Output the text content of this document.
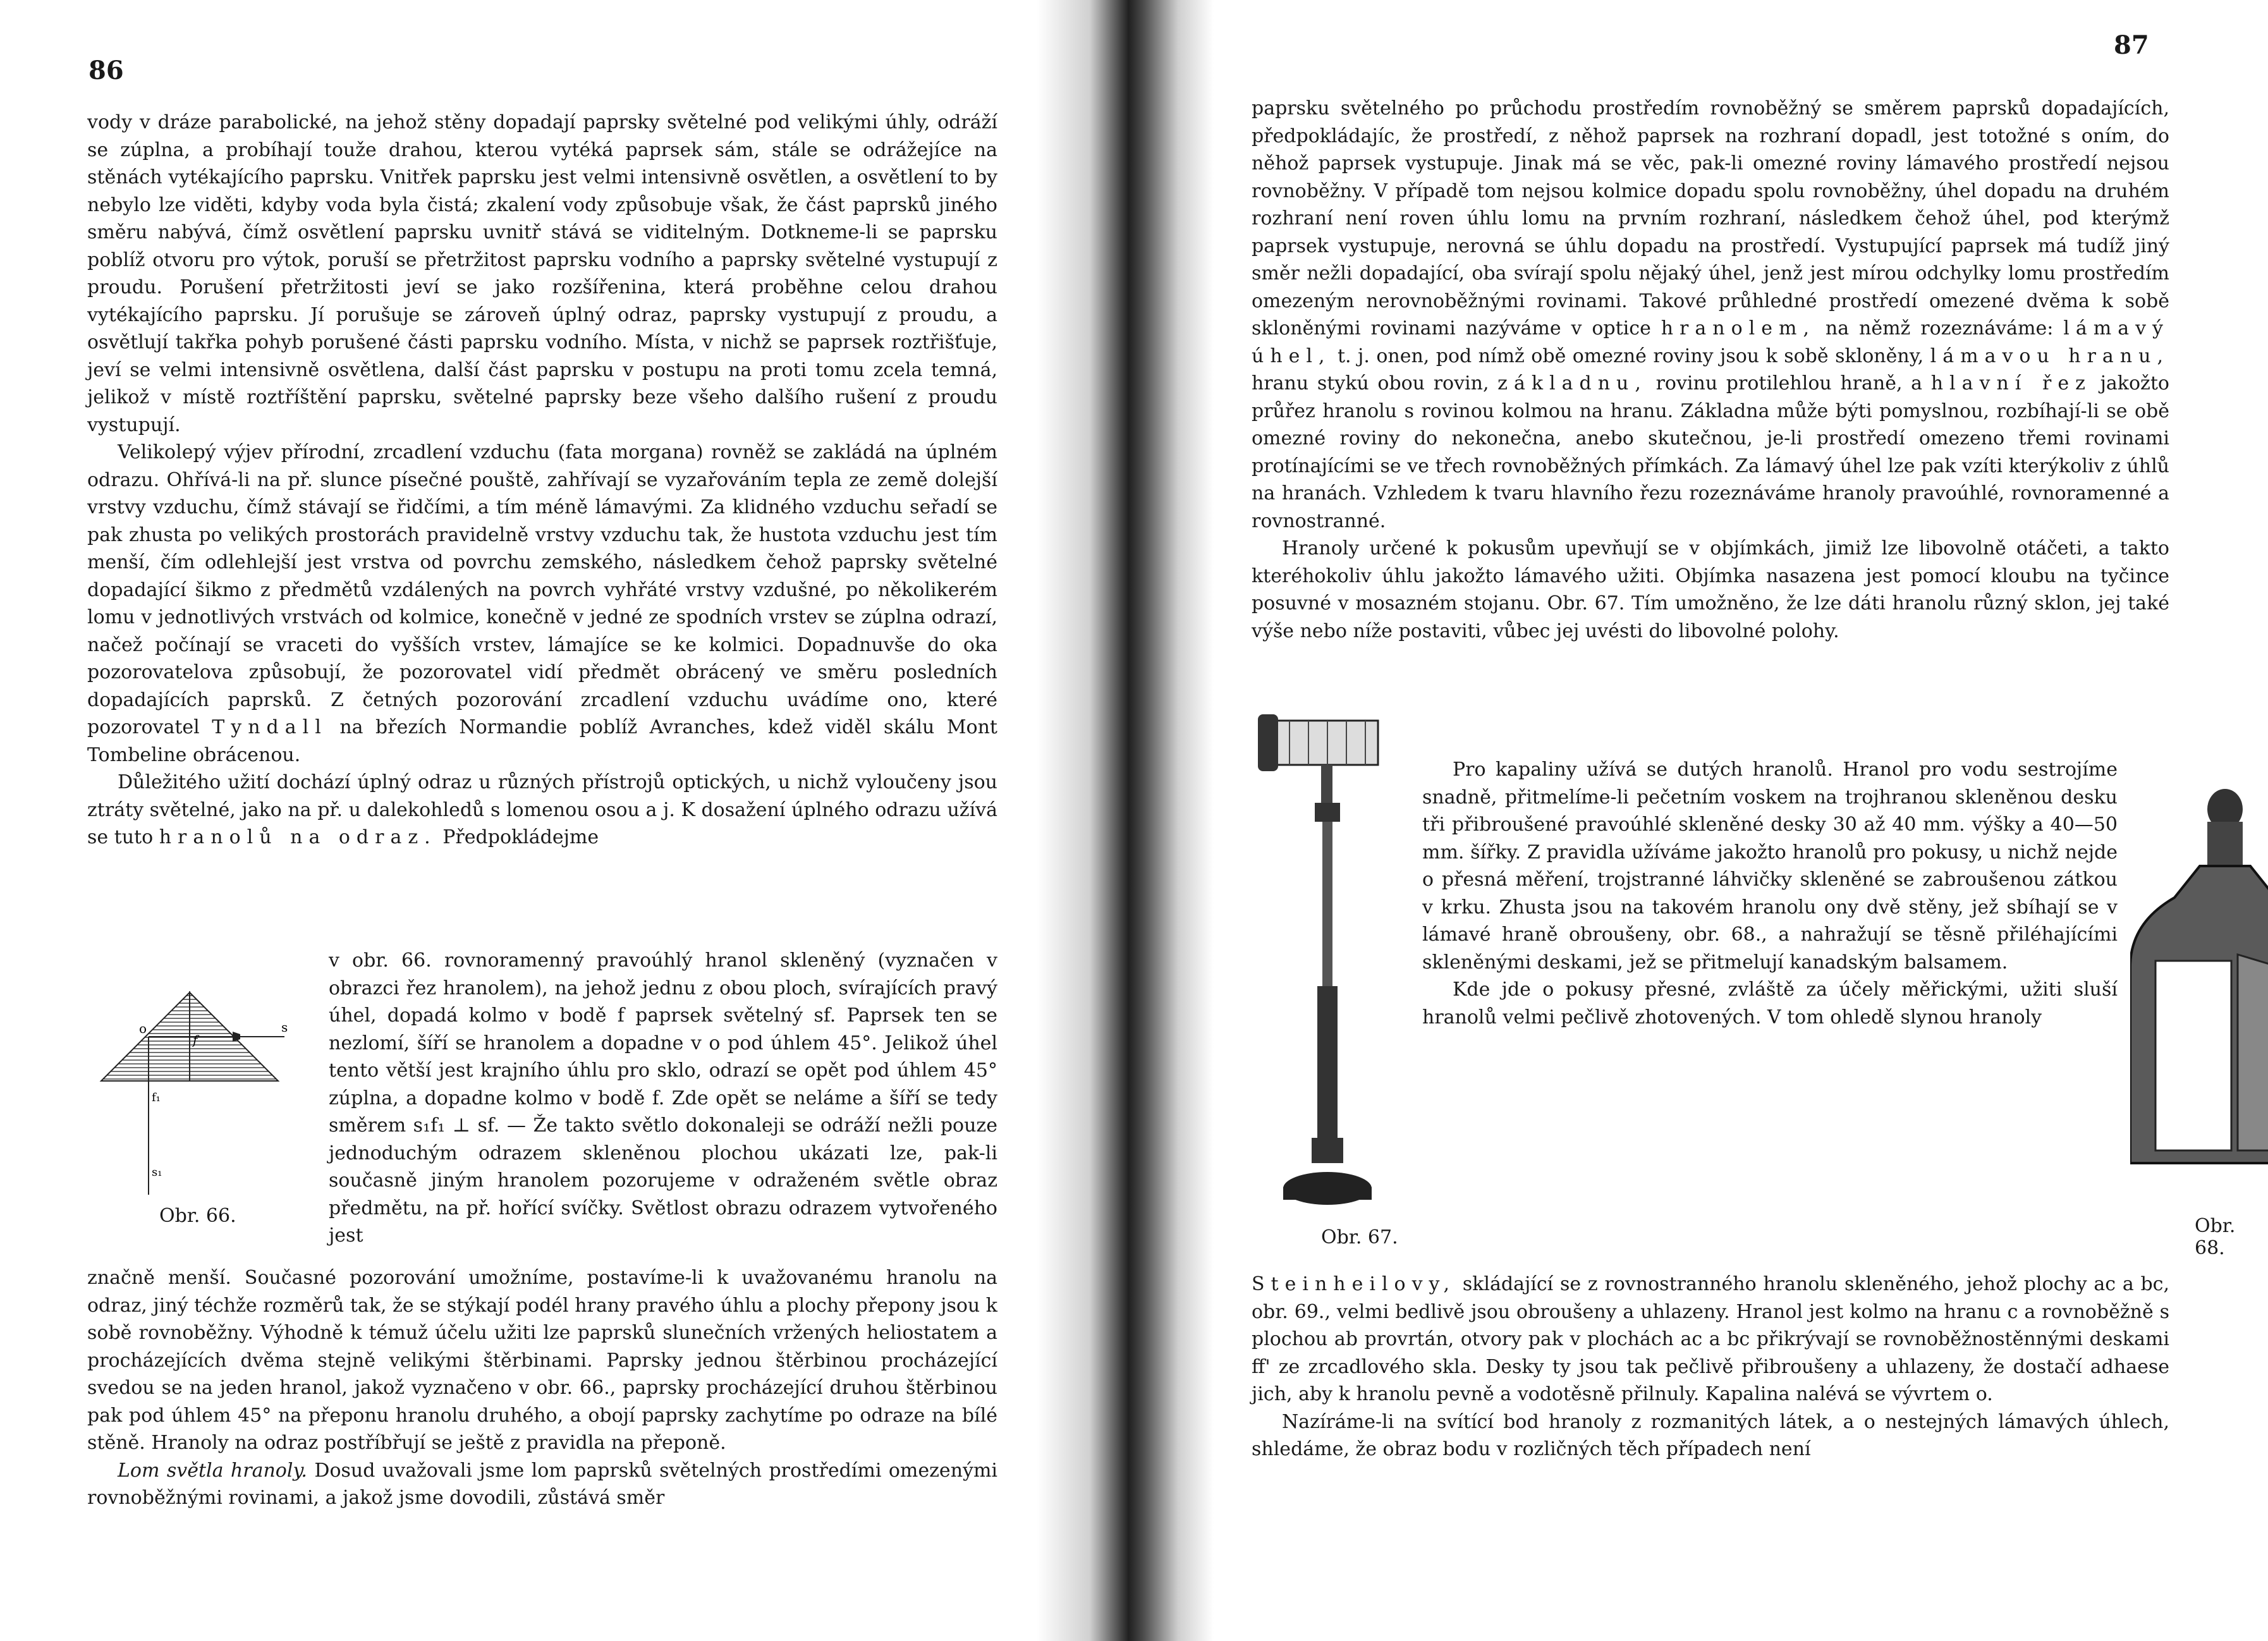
86

vody v dráze parabolické, na jehož stěny dopadají paprsky světelné pod velikými úhly, odráží se zúplna, a probíhají touže drahou, kterou vytéká paprsek sám, stále se odrážejíce na stěnách vytékajícího paprsku. Vnitřek paprsku jest velmi intensivně osvětlen, a osvětlení to by nebylo lze viděti, kdyby voda byla čistá; zkalení vody způsobuje však, že část paprsků jiného směru nabývá, čímž osvětlení paprsku uvnitř stává se viditelným. Dotkneme-li se paprsku poblíž otvoru pro výtok, poruší se přetržitost paprsku vodního a paprsky světelné vystupují z proudu. Porušení přetržitosti jeví se jako rozšířenina, která proběhne celou drahou vytékajícího paprsku. Jí porušuje se zároveň úplný odraz, paprsky vystupují z proudu, a osvětlují takřka pohyb porušené části paprsku vodního. Místa, v nichž se paprsek roztřišťuje, jeví se velmi intensivně osvětlena, další část paprsku v postupu na proti tomu zcela temná, jelikož v místě roztříštění paprsku, světelné paprsky beze všeho dalšího rušení z proudu vystupují.

Velikolepý výjev přírodní, zrcadlení vzduchu (fata morgana) rovněž se zakládá na úplném odrazu. Ohřívá-li na př. slunce písečné pouště, zahřívají se vyzařováním tepla ze země dolejší vrstvy vzduchu, čímž stávají se řidčími, a tím méně lámavými. Za klidného vzduchu seřadí se pak zhusta po velikých prostorách pravidelně vrstvy vzduchu tak, že hustota vzduchu jest tím menší, čím odlehlejší jest vrstva od povrchu zemského, následkem čehož paprsky světelné dopadající šikmo z předmětů vzdálených na povrch vyhřáté vrstvy vzdušné, po několikerém lomu v jednotlivých vrstvách od kolmice, konečně v jedné ze spodních vrstev se zúplna odrazí, načež počínají se vraceti do vyšších vrstev, lámajíce se ke kolmici. Dopadnuvše do oka pozorovatelova způsobují, že pozorovatel vidí předmět obrácený ve směru posledních dopadajících paprsků. Z četných pozorování zrcadlení vzduchu uvádíme ono, které pozorovatel Tyndall na březích Normandie poblíž Avranches, kdež viděl skálu Mont Tombeline obrácenou.

Důležitého užití dochází úplný odraz u různých přístrojů optických, u nichž vyloučeny jsou ztráty světelné, jako na př. u dalekohledů s lomenou osou a j. K dosažení úplného odrazu užívá se tuto hranolů na odraz. Předpokládejme

o
f
s
f₁
s₁
Obr. 66.

v obr. 66. rovnoramenný pravoúhlý hranol skleněný (vyznačen v obrazci řez hranolem), na jehož jednu z obou ploch, svírajících pravý úhel, dopadá kolmo v bodě f paprsek světelný sf. Paprsek ten se nezlomí, šíří se hranolem a dopadne v o pod úhlem 45°. Jelikož úhel tento větší jest krajního úhlu pro sklo, odrazí se opět pod úhlem 45° zúplna, a dopadne kolmo v bodě f. Zde opět se neláme a šíří se tedy směrem s₁f₁ ⊥ sf. — Že takto světlo dokonaleji se odráží nežli pouze jednoduchým odrazem skleněnou plochou ukázati lze, pak-li současně jiným hranolem pozorujeme v odraženém světle obraz předmětu, na př. hořící svíčky. Světlost obrazu odrazem vytvořeného jest

značně menší. Současné pozorování umožníme, postavíme-li k uvažovanému hranolu na odraz, jiný téchže rozměrů tak, že se stýkají podél hrany pravého úhlu a plochy přepony jsou k sobě rovnoběžny. Výhodně k témuž účelu užiti lze paprsků slunečních vržených heliostatem a procházejících dvěma stejně velikými štěrbinami. Paprsky jednou štěrbinou procházející svedou se na jeden hranol, jakož vyznačeno v obr. 66., paprsky procházející druhou štěrbinou pak pod úhlem 45° na přeponu hranolu druhého, a obojí paprsky zachytíme po odraze na bílé stěně. Hranoly na odraz postříbřují se ještě z pravidla na přeponě.

Lom světla hranoly. Dosud uvažovali jsme lom paprsků světelných prostředími omezenými rovnoběžnými rovinami, a jakož jsme dovodili, zůstává směr

87

paprsku světelného po průchodu prostředím rovnoběžný se směrem paprsků dopadajících, předpokládajíc, že prostředí, z něhož paprsek na rozhraní dopadl, jest totožné s oním, do něhož paprsek vystupuje. Jinak má se věc, pak-li omezné roviny lámavého prostředí nejsou rovnoběžny. V případě tom nejsou kolmice dopadu spolu rovnoběžny, úhel dopadu na druhém rozhraní není roven úhlu lomu na prvním rozhraní, následkem čehož úhel, pod kterýmž paprsek vystupuje, nerovná se úhlu dopadu na prostředí. Vystupující paprsek má tudíž jiný směr nežli dopadající, oba svírají spolu nějaký úhel, jenž jest mírou odchylky lomu prostředím omezeným nerovnoběžnými rovinami. Takové průhledné prostředí omezené dvěma k sobě skloněnými rovinami nazýváme v optice hranolem, na němž rozeznáváme: lámavý úhel, t. j. onen, pod nímž obě omezné roviny jsou k sobě skloněny, lámavou hranu, hranu stykú obou rovin, základnu, rovinu protilehlou hraně, a hlavní řez jakožto průřez hranolu s rovinou kolmou na hranu. Základna může býti pomyslnou, rozbíhají-li se obě omezné roviny do nekonečna, anebo skutečnou, je-li prostředí omezeno třemi rovinami protínajícími se ve třech rovnoběžných přímkách. Za lámavý úhel lze pak vzíti kterýkoliv z úhlů na hranách. Vzhledem k tvaru hlavního řezu rozeznáváme hranoly pravoúhlé, rovnoramenné a rovnostranné.

Hranoly určené k pokusům upevňují se v objímkách, jimiž lze libovolně otáčeti, a takto kteréhokoliv úhlu jakožto lámavého užiti. Objímka nasazena jest pomocí kloubu na tyčince posuvné v mosazném stojanu. Obr. 67. Tím umožněno, že lze dáti hranolu různý sklon, jej také výše nebo níže postaviti, vůbec jej uvésti do libovolné polohy.

Obr. 67.
Obr. 68.

Pro kapaliny užívá se dutých hranolů. Hranol pro vodu sestrojíme snadně, přitmelíme-li pečetním voskem na trojhranou skleněnou desku tři přibroušené pravoúhlé skleněné desky 30 až 40 mm. výšky a 40—50 mm. šířky. Z pravidla užíváme jakožto hranolů pro pokusy, u nichž nejde o přesná měření, trojstranné láhvičky skleněné se zabroušenou zátkou v krku. Zhusta jsou na takovém hranolu ony dvě stěny, jež sbíhají se v lámavé hraně obroušeny, obr. 68., a nahražují se těsně přiléhajícími skleněnými deskami, jež se přitmelují kanadským balsamem.

Kde jde o pokusy přesné, zvláště za účely měřickými, užiti sluší hranolů velmi pečlivě zhotovených. V tom ohledě slynou hranoly

Steinheilovy, skládající se z rovnostranného hranolu skleněného, jehož plochy ac a bc, obr. 69., velmi bedlivě jsou obroušeny a uhlazeny. Hranol jest kolmo na hranu c a rovnoběžně s plochou ab provrtán, otvory pak v plochách ac a bc přikrývají se rovnoběžnostěnnými deskami ff' ze zrcadlového skla. Desky ty jsou tak pečlivě přibroušeny a uhlazeny, že dostačí adhaese jich, aby k hranolu pevně a vodotěsně přilnuly. Kapalina nalévá se vývrtem o.

Nazíráme-li na svítící bod hranoly z rozmanitých látek, a o nestejných lámavých úhlech, shledáme, že obraz bodu v rozličných těch případech není
